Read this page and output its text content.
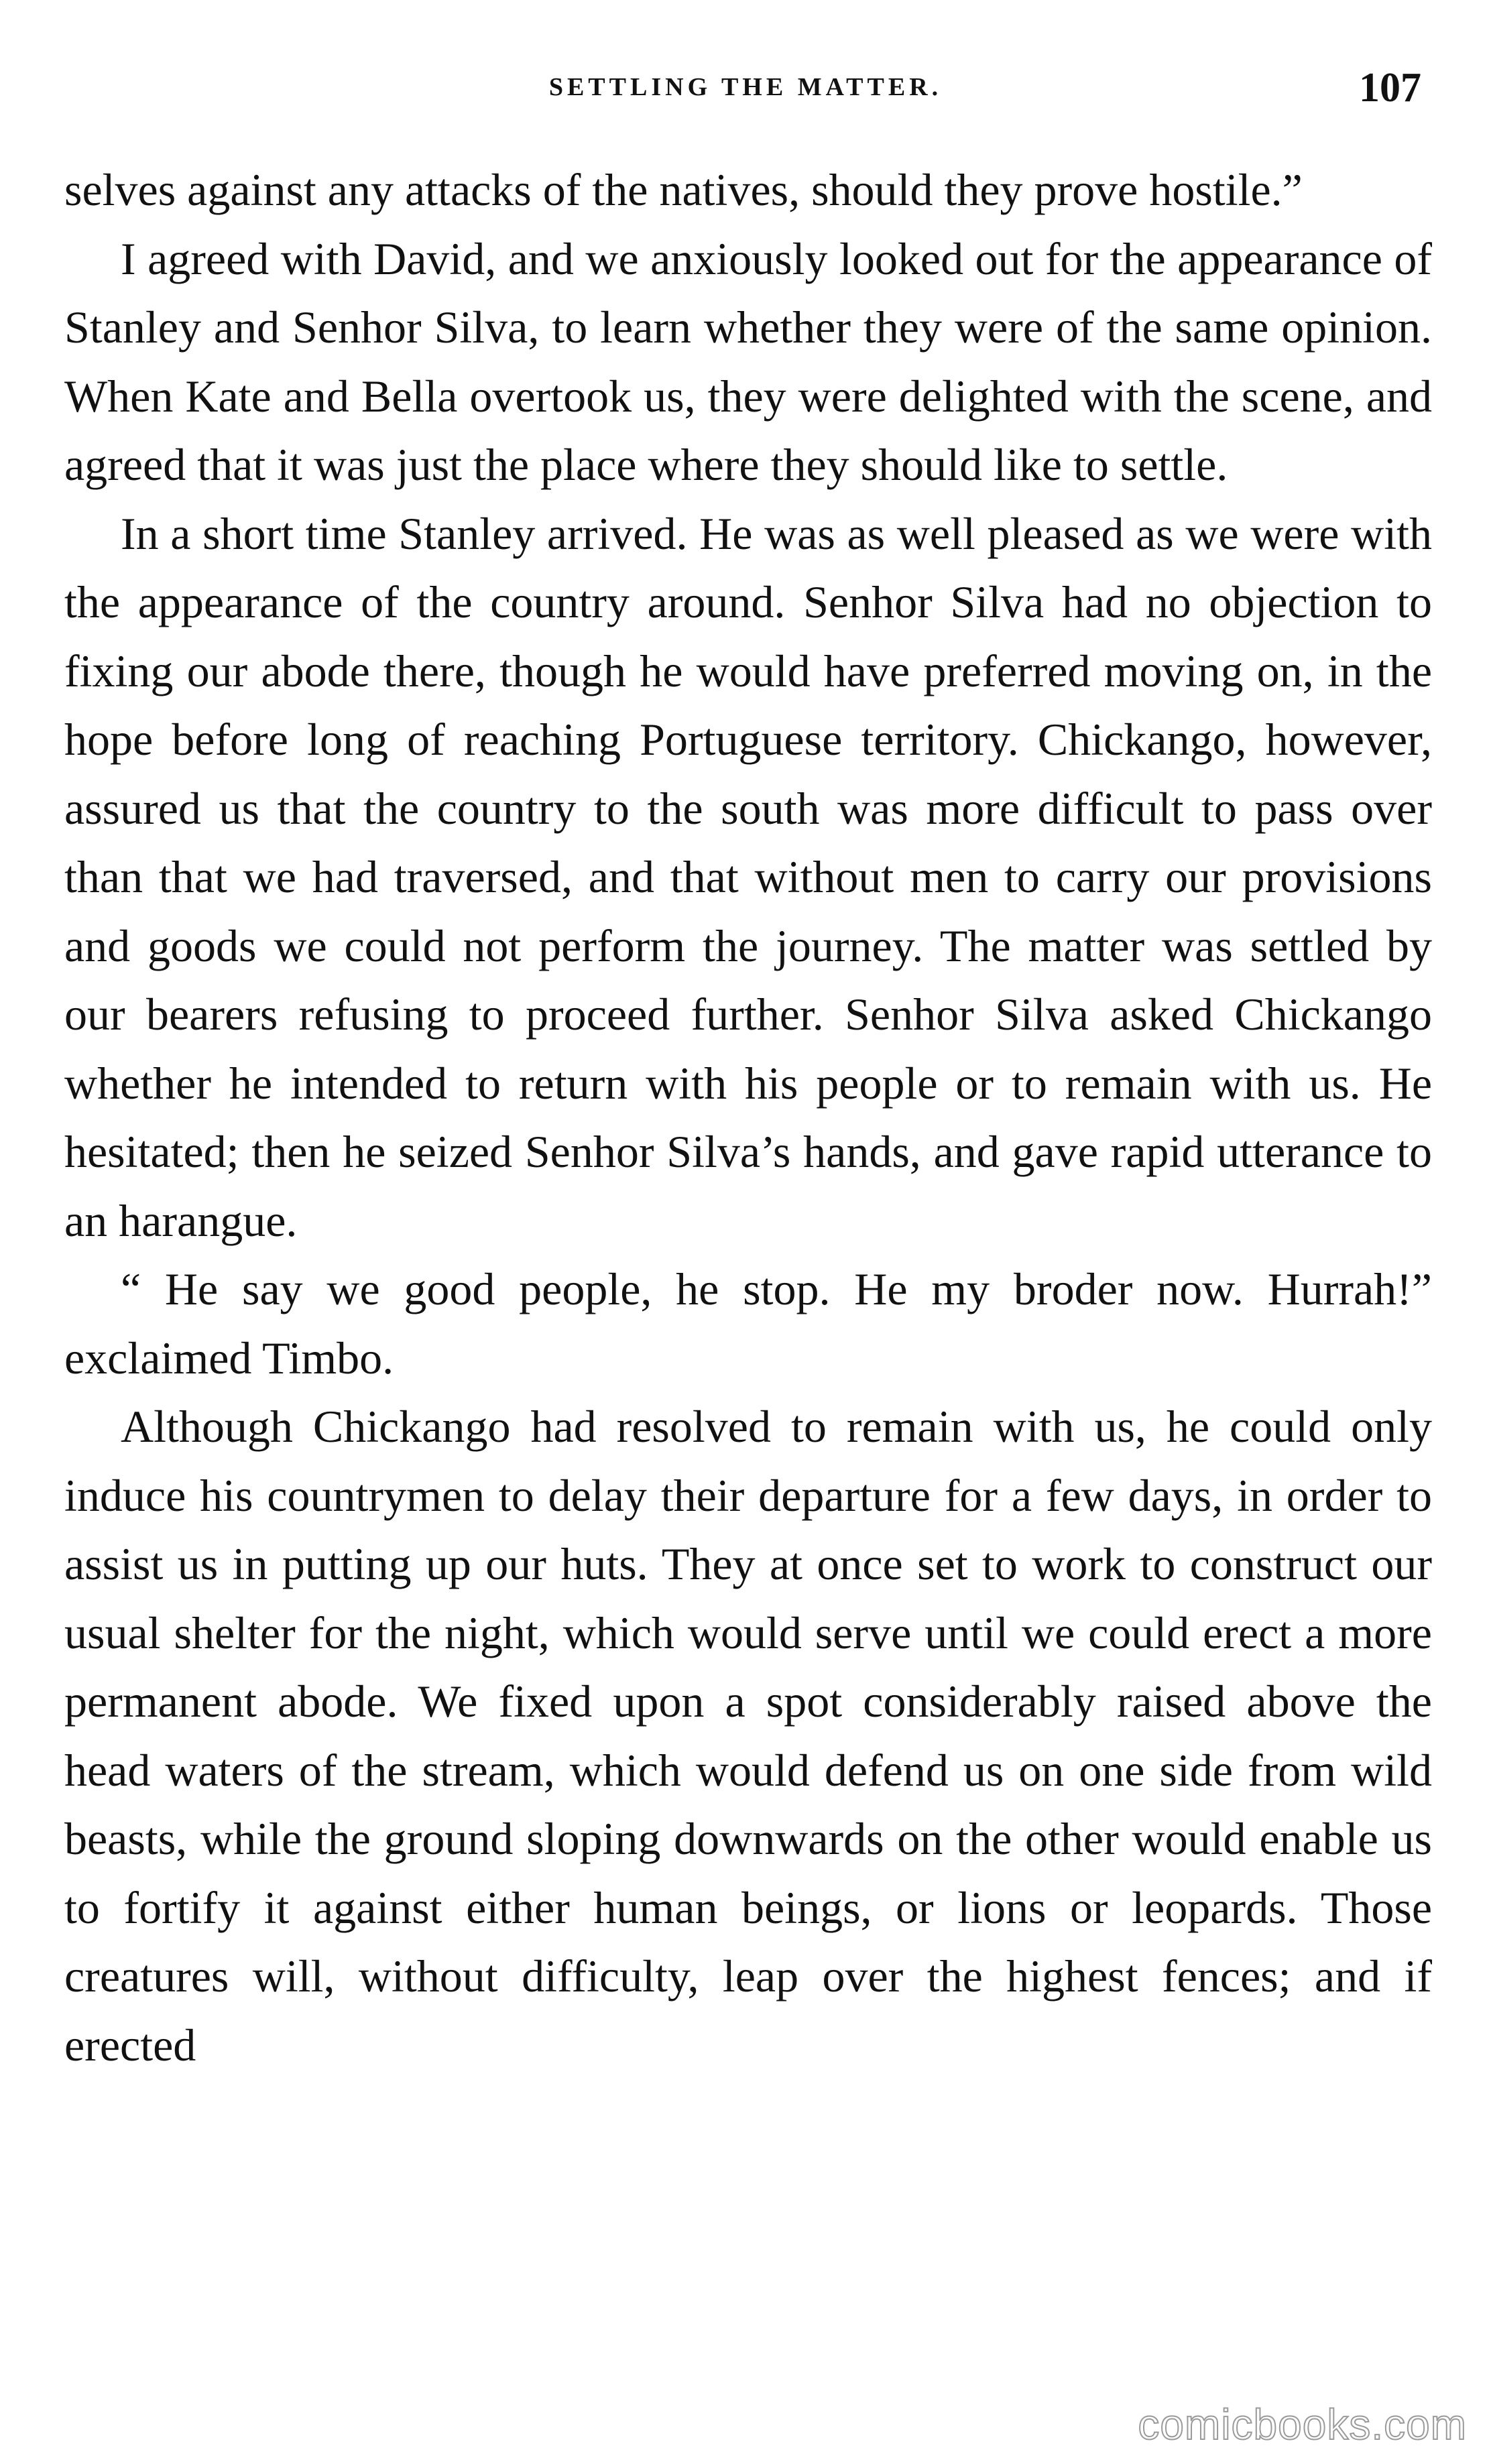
SETTLING THE MATTER.	107

selves against any attacks of the natives, should they prove hostile.”

I agreed with David, and we anxiously looked out for the appearance of Stanley and Senhor Silva, to learn whether they were of the same opinion. When Kate and Bella overtook us, they were delighted with the scene, and agreed that it was just the place where they should like to settle.

In a short time Stanley arrived. He was as well pleased as we were with the appearance of the country around. Senhor Silva had no objection to fixing our abode there, though he would have preferred moving on, in the hope before long of reaching Portuguese territory. Chickango, however, assured us that the country to the south was more difficult to pass over than that we had traversed, and that without men to carry our provisions and goods we could not perform the journey. The matter was settled by our bearers refusing to proceed further. Senhor Silva asked Chickango whether he intended to return with his people or to remain with us. He hesitated; then he seized Senhor Silva’s hands, and gave rapid utterance to an harangue.

“ He say we good people, he stop. He my broder now. Hurrah!” exclaimed Timbo.

Although Chickango had resolved to remain with us, he could only induce his countrymen to delay their departure for a few days, in order to assist us in putting up our huts. They at once set to work to construct our usual shelter for the night, which would serve until we could erect a more permanent abode. We fixed upon a spot considerably raised above the head waters of the stream, which would defend us on one side from wild beasts, while the ground sloping downwards on the other would enable us to fortify it against either human beings, or lions or leopards. Those creatures will, without difficulty, leap over the highest fences; and if erected

comicbooks.com
